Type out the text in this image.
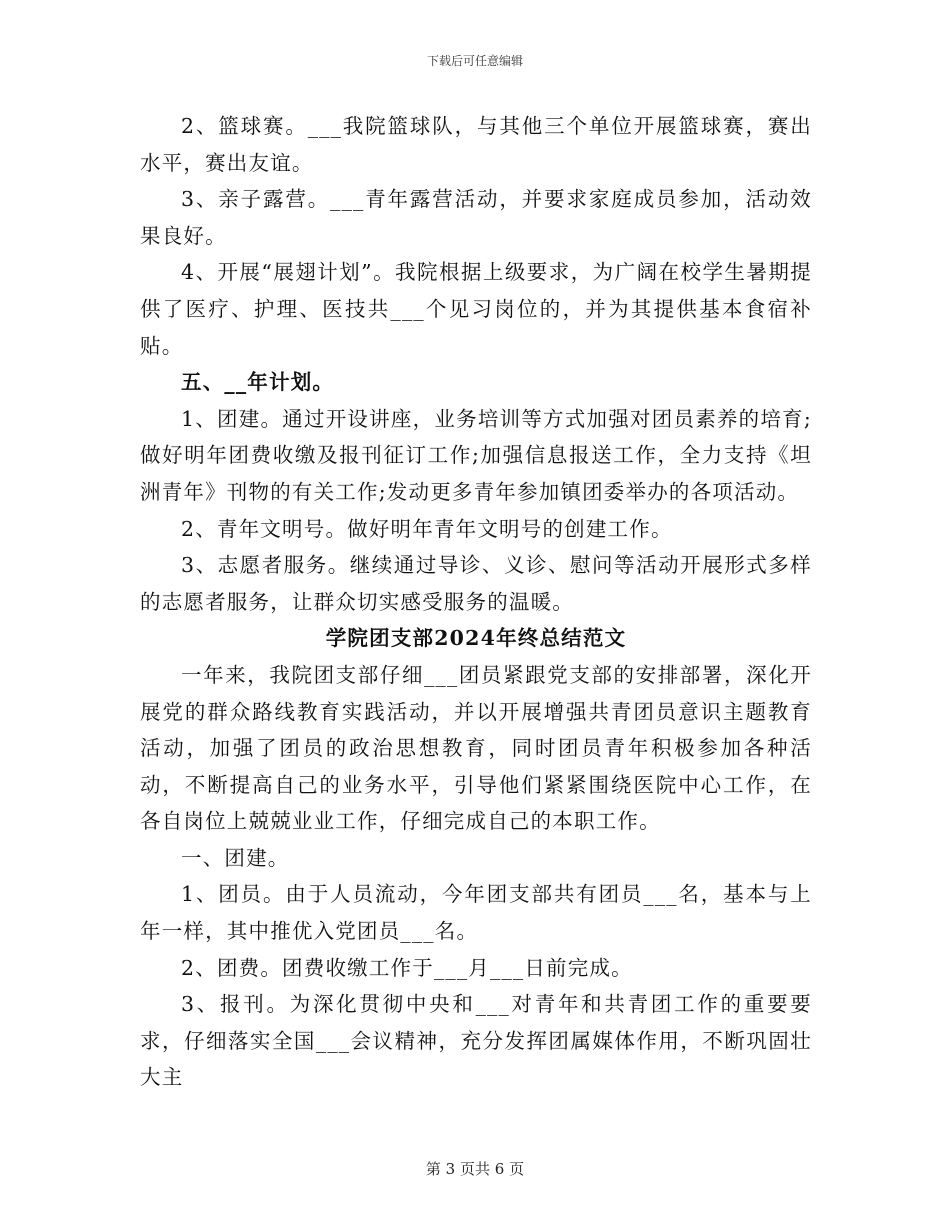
下载后可任意编辑

2、篮球赛。___我院篮球队，与其他三个单位开展篮球赛，赛出水平，赛出友谊。

3、亲子露营。___青年露营活动，并要求家庭成员参加，活动效果良好。

4、开展“展翅计划”。我院根据上级要求，为广阔在校学生暑期提供了医疗、护理、医技共___个见习岗位的，并为其提供基本食宿补贴。

五、__年计划。

1、团建。通过开设讲座，业务培训等方式加强对团员素养的培育;做好明年团费收缴及报刊征订工作;加强信息报送工作，全力支持《坦洲青年》刊物的有关工作;发动更多青年参加镇团委举办的各项活动。

2、青年文明号。做好明年青年文明号的创建工作。

3、志愿者服务。继续通过导诊、义诊、慰问等活动开展形式多样的志愿者服务，让群众切实感受服务的温暖。

学院团支部2024年终总结范文

一年来，我院团支部仔细___团员紧跟党支部的安排部署，深化开展党的群众路线教育实践活动，并以开展增强共青团员意识主题教育活动，加强了团员的政治思想教育，同时团员青年积极参加各种活动，不断提高自己的业务水平，引导他们紧紧围绕医院中心工作，在各自岗位上兢兢业业工作，仔细完成自己的本职工作。

一、团建。

1、团员。由于人员流动，今年团支部共有团员___名，基本与上年一样，其中推优入党团员___名。

2、团费。团费收缴工作于___月___日前完成。

3、报刊。为深化贯彻中央和___对青年和共青团工作的重要要求，仔细落实全国___会议精神，充分发挥团属媒体作用，不断巩固壮大主

第 3 页共 6 页
